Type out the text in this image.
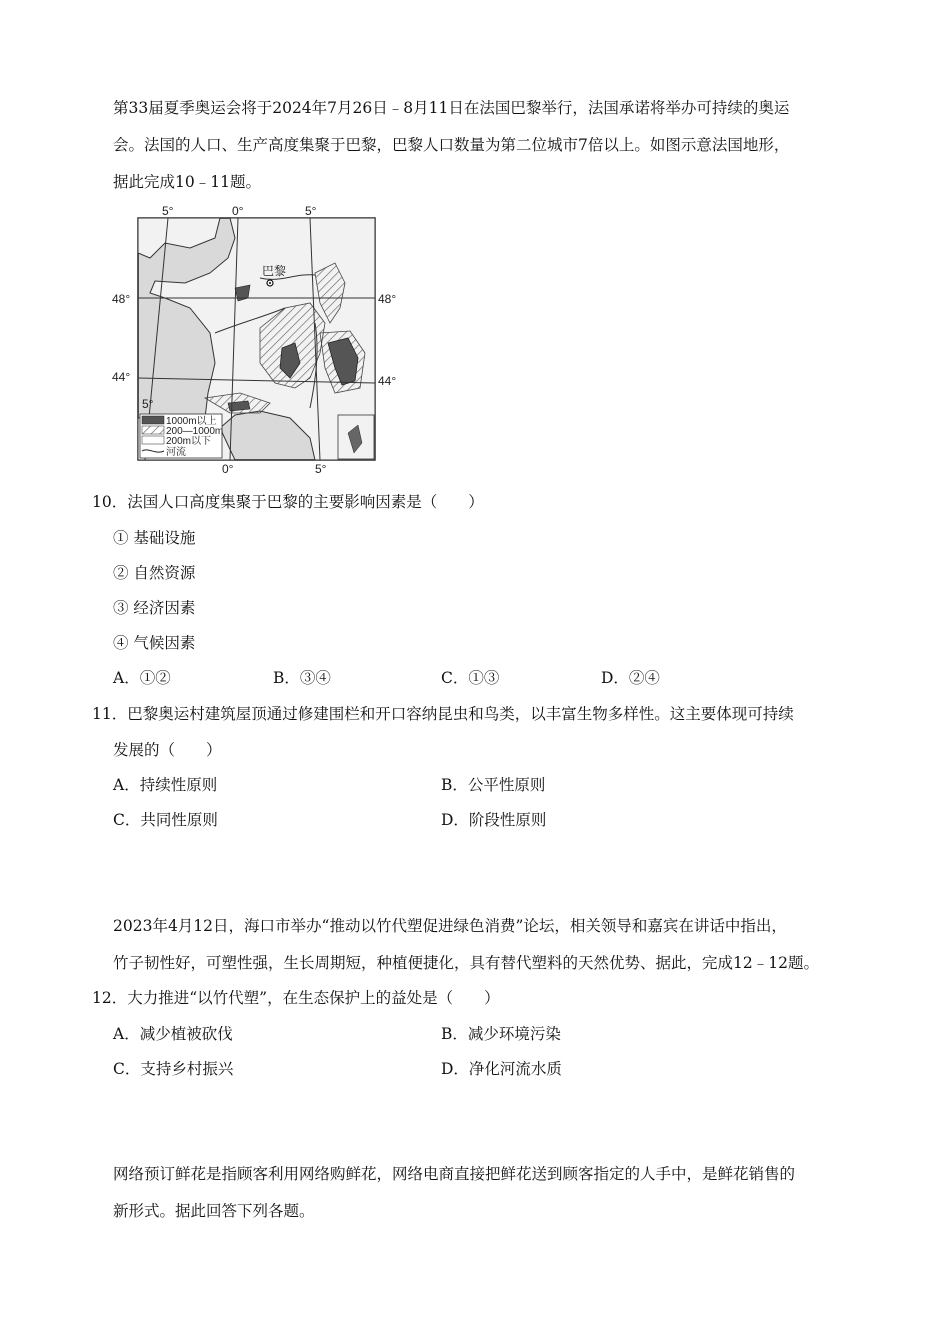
第33届夏季奥运会将于2024年7月26日﹣8月11日在法国巴黎举行，法国承诺将举办可持续的奥运
会。法国的人口、生产高度集聚于巴黎，巴黎人口数量为第二位城市7倍以上。如图示意法国地形，
据此完成10﹣11题。
巴黎
48°	48°
44°	44°
5°	0°	5°
5°
0°	5°
1000m以上
200—1000m
200m以下
河流
10．法国人口高度集聚于巴黎的主要影响因素是（　　）
① 基础设施
② 自然资源
③ 经济因素
④ 气候因素
A．①②	B．③④	C．①③	D．②④
11．巴黎奥运村建筑屋顶通过修建围栏和开口容纳昆虫和鸟类，以丰富生物多样性。这主要体现可持续
发展的（　　）
A．持续性原则	B．公平性原则
C．共同性原则	D．阶段性原则
2023年4月12日，海口市举办“推动以竹代塑促进绿色消费”论坛，相关领导和嘉宾在讲话中指出，
竹子韧性好，可塑性强，生长周期短，种植便捷化，具有替代塑料的天然优势、据此，完成12﹣12题。
12．大力推进“以竹代塑”，在生态保护上的益处是（　　）
A．减少植被砍伐	B．减少环境污染
C．支持乡村振兴	D．净化河流水质
网络预订鲜花是指顾客利用网络购鲜花，网络电商直接把鲜花送到顾客指定的人手中，是鲜花销售的
新形式。据此回答下列各题。
